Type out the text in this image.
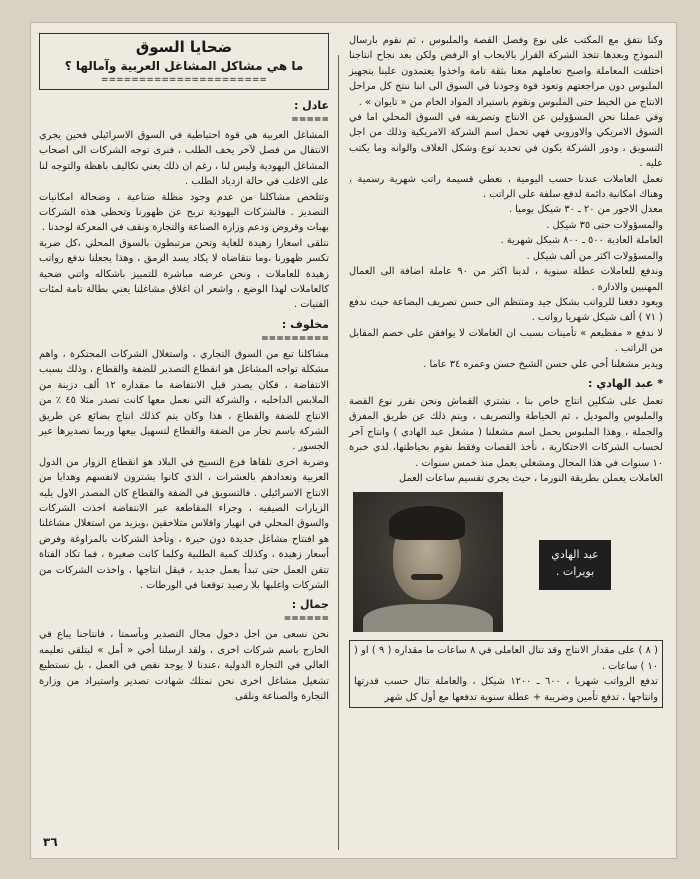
ضحايا السوق
ما هي مشاكل المشاغل العربية وآمالها ؟
======================
عادل :
=====

المشاغل العربية هي قوة احتياطية في السوق الاسرائيلي فحين يجري الانتقال من فصل لآخر يخف الطلب ، فنرى توجه الشركات الى اصحاب المشاغل اليهودية وليس لنا ، رغم ان ذلك يعني تكاليف باهظة والتوجه لنا على الاغلب في حالة ازدياد الطلب .

وتتلخص مشاكلنا من عدم وجود مظلة صناعية ، وضحالة امكانيات التصدير . فالشركات اليهودية تربح عن ظهورنا وتحظى هذه الشركات بهبات وقروض ودعم وزارة الصناعة والتجارة ونقف في المعركة لوحدنا .

نتلقى اسعارا زهيدة للغاية ونحن مرتبطون بالسوق المحلي ،كل ضربة تكسر ظهورنا ،وما نتقاضاه لا يكاد يسد الرمق ، وهذا يجعلنا ندفع رواتب زهيدة للعاملات ، ونحن عرضه مباشرة للتمييز باشكاله واتني ضحية كالعاملات لهذا الوضع ، واشعر ان اغلاق مشاغلنا يعني بطالة تامة لمئات الفتيات .

مخلوف :
=========

مشاكلنا تبع من السوق التجاري ، واستغلال الشركات المحتكرة ، واهم مشكلة تواجه المشاغل هو انقطاع التصدير للضفة والقطاع ، وذلك بسبب الانتفاضة ، فكان يصدر قبل الانتفاضة ما مقداره ١٢ ألف دزينة من الملابس الداخليه ، والشركة التي نعمل معها كانت تصدر مثلا ٤٥ ٪ من الانتاج للضفة والقطاع ، هذا وكان يتم كذلك انتاج بضائع عن طريق الشركة باسم تجار من الضفة والقطاع لتسهيل بيعها وربما تصديرها عبر الجسور .

وضربة اخرى تلقاها فرع النسيج في البلاد هو انقطاع الزوار من الدول العربية وتعدادهم بالعشرات ، الذي كانوا يشترون لانفسهم وهدايا من الانتاج الاسرائيلي . فالتسويق في الضفة والقطاع كان المصدر الاول يليه الزيارات الصيفيه ، وجراء المقاطعة عبر الانتفاضة اخذت الشركات والسوق المحلي في انهيار وافلاس متلاحقين ،ويزيد من استغلال مشاغلنا هو افتتاح مشاغل جديدة دون حيرة ، وتأخذ الشركات بالمراوغة وفرض أسعار زهيدة ، وكذلك كمية الطلبية وكلما كانت صغيرة ، فما تكاد الفتاة تتقن العمل حتى تبدأ بعمل جديد ، فيقل انتاجها ، واخذت الشركات من الشركات واغلبها بلا رصيد توقعنا في الورطات .

جمال :
======

نحن نسعى من اجل دخول مجال التصدير وبأسمنا ، فانتاجنا يباع في الخارج باسم شركات اخرى ، ولقد ارسلنا أخي « أمل » ليتلقى تعليمه العالي في التجارة الدولية ،عندنا لا يوجد نقص في العمل ، بل نستطيع تشغيل مشاغل اخرى نحن نمتلك شهادت تصدير واستيراد من وزارة التجارة والصناعة ونلقى

وكنا نتفق مع المكتب على نوع وفصل القصة والملبوس ، ثم نقوم بارسال النموذج وبعدها تتخذ الشركة القرار بالايجاب او الرفض ولكن بعد نجاح انتاجنا اختلفت المعاملة واصبح تعاملهم معنا بثقة تامة واخذوا يعتمدون علينا بتجهيز الملبوس دون مراجعتهم وتعود قوة وجودنا في السوق الى اننا ننتج كل مراحل الانتاج من الخيط حتى الملبوس ونقوم باستيراد المواد الخام من « تايوان » .

وفي عملنا نحن المسؤولين عن الانتاج وتصريفه في السوق المحلي اما في السوق الامريكي والاوروبي فهي تحمل اسم الشركة الامريكية وذلك من اجل التسويق ، ودور الشركة يكون في تحديد نوع وشكل الغلاف والوانه وما يكتب عليه .

تعمل العاملات عندنا حسب اليومية ، نعطي قسيمة راتب شهرية رسمية ، وهناك امكانية دائمة لدفع سلفة على الراتب .

معدل الاجور من ٢٠ ـ ٣٠ شيكل يوميا .

والمسؤولات حتى ٣٥ شيكل .

العاملة العادية ٥٠٠ ـ ٨٠٠ شيكل شهرية .

والمسؤولات اكثر من ألف شيكل .

وندفع للعاملات عطلة سنوية ، لدينا اكثر من ٩٠ عاملة اضافة الى العمال المهنيين والادارة .

ويعود دفعنا للرواتب بشكل جيد ومنتظم الى حسن تصريف البضاعة حيث ندفع ( ٧١ ) ألف شيكل شهريا رواتب .

لا ندفع « مفظيعم » تأمينات بسبب ان العاملات لا يوافقن على خصم المقابل من الراتب .

ويدير مشغلنا أخي علي حسن الشيخ حسن وعمره ٣٤ عاما .

* عبد الهادي :

تعمل على شكلين انتاج خاص بنا ، نشتري القماش ونحن نقرر نوع القصة والملبوس والموديل ، ثم الخياطة والتصريف ، ويتم ذلك عن طريق المفرق والجملة ، وهذا الملبوس يحمل اسم مشغلنا ( مشغل عبد الهادي ) وانتاج آخر لحساب الشركات الاحتكارية ، نأخذ القصات وفقط نقوم بخياطتها، لدي خبرة ١٠ سنوات في هذا المجال ومشغلي يعمل منذ خمس سنوات .

العاملات يعملن بطريقة النورما ، حيث يجري تقسيم ساعات العمل

عبد الهادي
بويرات .

( ٨ ) على مقدار الانتاج وقد تنال العاملى في ٨ ساعات ما مقداره ( ٩ ) او ( ١٠ ) ساعات .

تدفع الرواتب شهريا ، ٦٠٠ ـ ١٢٠٠ شيكل ، والعاملة تنال حسب قدرتها وانتاجها ، تدفع تأمين وضريبة + عطلة سنوية تدفعها مع أول كل شهر

٣٦
